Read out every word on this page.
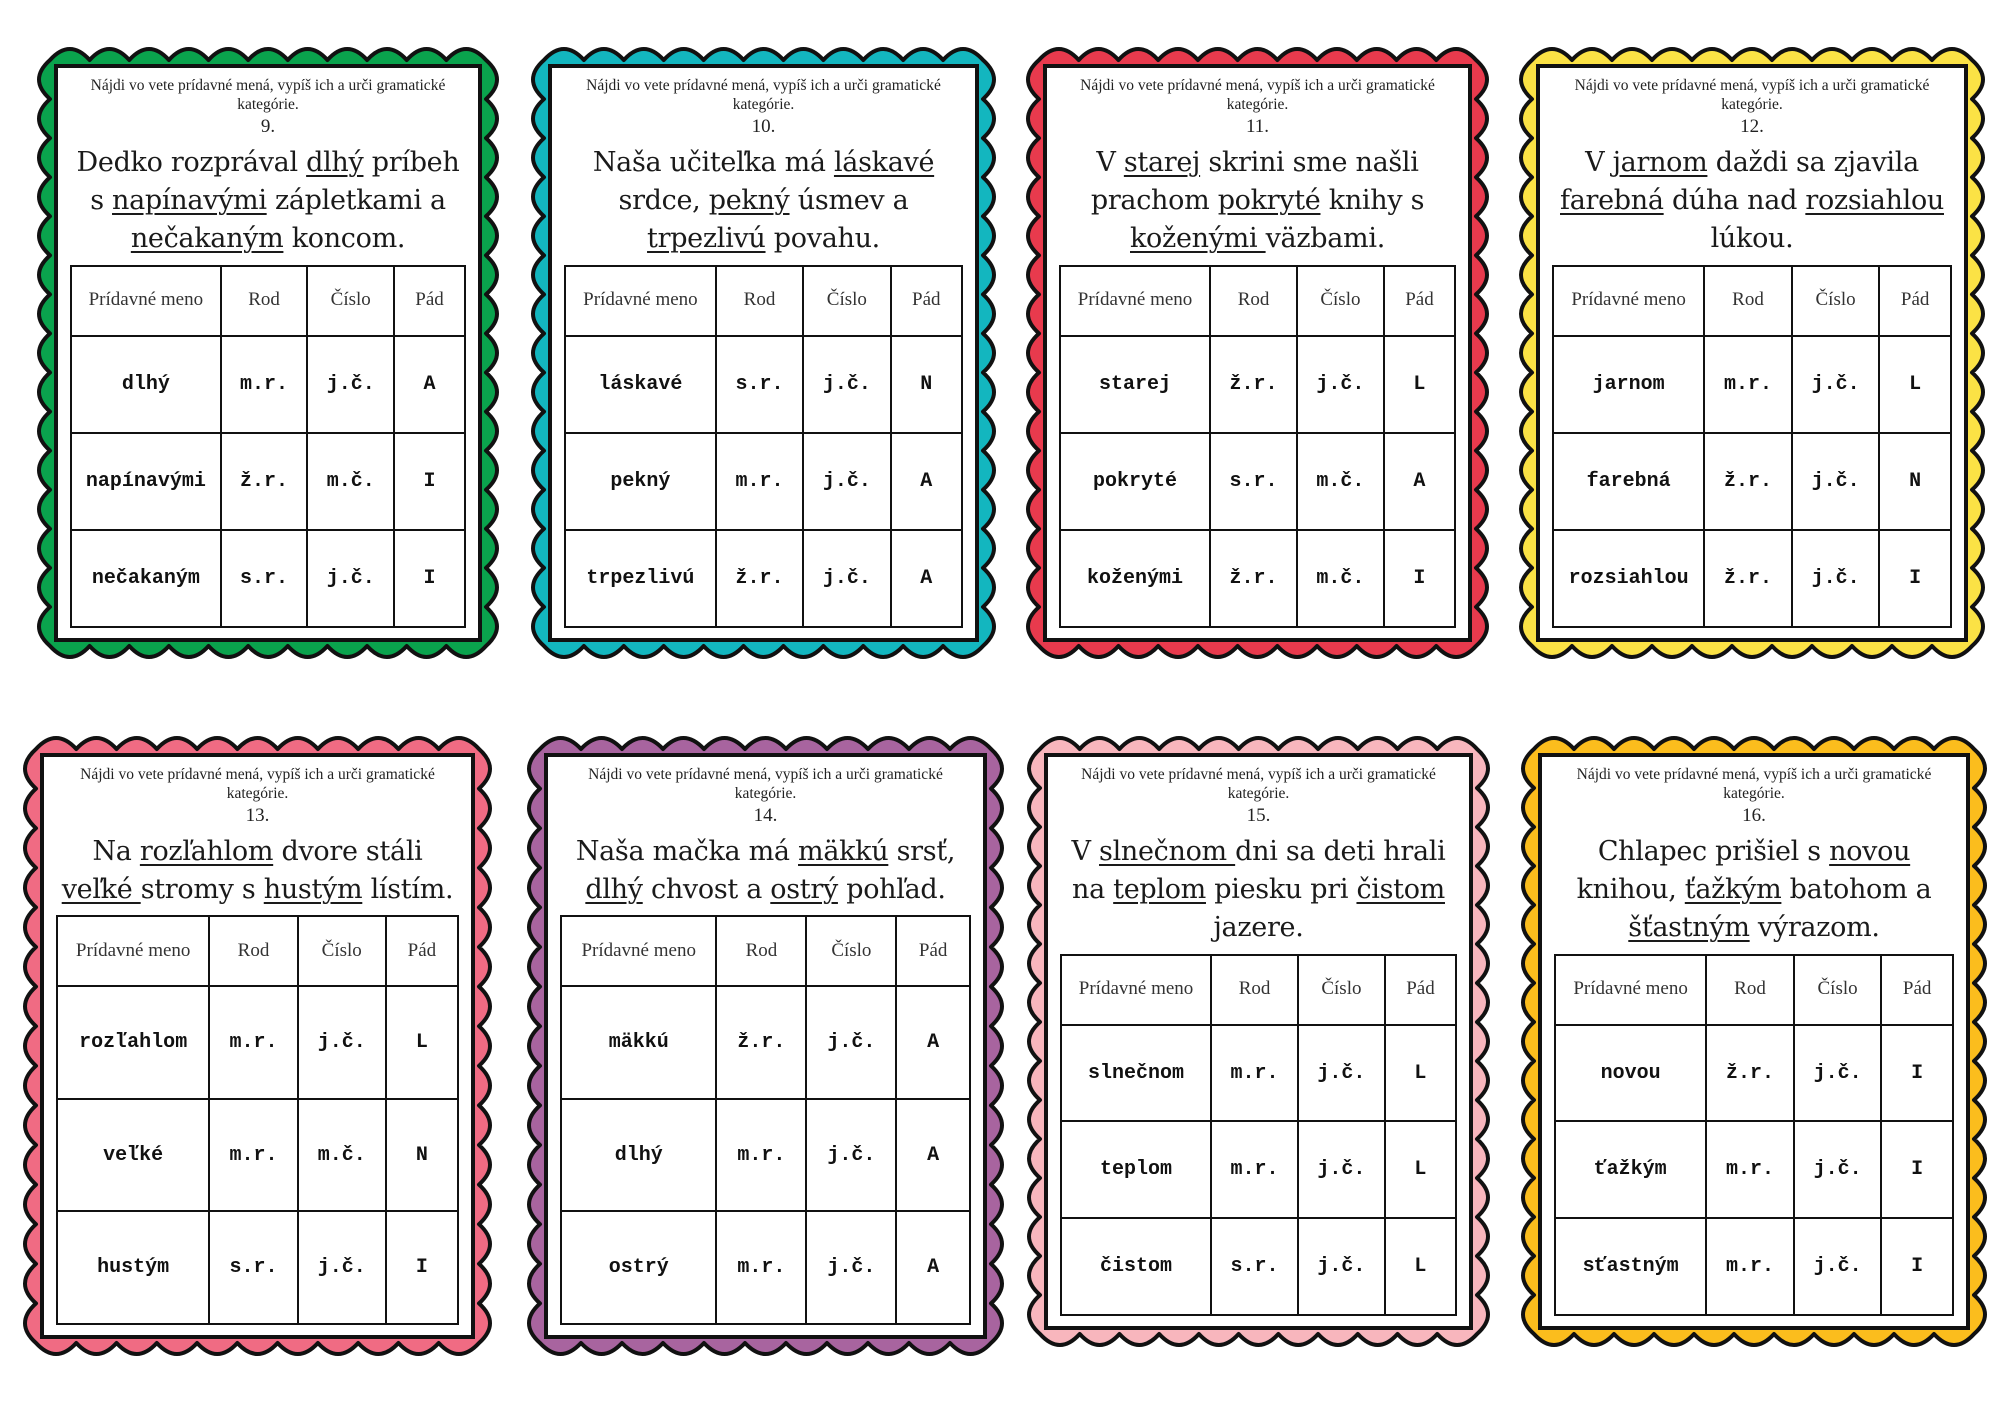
Nájdi vo vete prídavné mená, vypíš ich a urči gramatické kategórie.
9.
Dedko rozprával dlhý príbeh s napínavými zápletkami a nečakaným koncom.
Prídavné meno	Rod	Číslo	Pád
dlhý	m.r.	j.č.	A
napínavými	ž.r.	m.č.	I
nečakaným	s.r.	j.č.	I
Nájdi vo vete prídavné mená, vypíš ich a urči gramatické kategórie.
10.
Naša učiteľka má láskavé srdce, pekný úsmev a trpezlivú povahu.
Prídavné meno	Rod	Číslo	Pád
láskavé	s.r.	j.č.	N
pekný	m.r.	j.č.	A
trpezlivú	ž.r.	j.č.	A
Nájdi vo vete prídavné mená, vypíš ich a urči gramatické kategórie.
11.
V starej skrini sme našli prachom pokryté knihy s koženými väzbami.
Prídavné meno	Rod	Číslo	Pád
starej	ž.r.	j.č.	L
pokryté	s.r.	m.č.	A
koženými	ž.r.	m.č.	I
Nájdi vo vete prídavné mená, vypíš ich a urči gramatické kategórie.
12.
V jarnom daždi sa zjavila farebná dúha nad rozsiahlou lúkou.
Prídavné meno	Rod	Číslo	Pád
jarnom	m.r.	j.č.	L
farebná	ž.r.	j.č.	N
rozsiahlou	ž.r.	j.č.	I
Nájdi vo vete prídavné mená, vypíš ich a urči gramatické kategórie.
13.
Na rozľahlom dvore stáli veľké stromy s hustým lístím.
Prídavné meno	Rod	Číslo	Pád
rozľahlom	m.r.	j.č.	L
veľké	m.r.	m.č.	N
hustým	s.r.	j.č.	I
Nájdi vo vete prídavné mená, vypíš ich a urči gramatické kategórie.
14.
Naša mačka má mäkkú srsť, dlhý chvost a ostrý pohľad.
Prídavné meno	Rod	Číslo	Pád
mäkkú	ž.r.	j.č.	A
dlhý	m.r.	j.č.	A
ostrý	m.r.	j.č.	A
Nájdi vo vete prídavné mená, vypíš ich a urči gramatické kategórie.
15.
V slnečnom dni sa deti hrali na teplom piesku pri čistom jazere.
Prídavné meno	Rod	Číslo	Pád
slnečnom	m.r.	j.č.	L
teplom	m.r.	j.č.	L
čistom	s.r.	j.č.	L
Nájdi vo vete prídavné mená, vypíš ich a urči gramatické kategórie.
16.
Chlapec prišiel s novou knihou, ťažkým batohom a šťastným výrazom.
Prídavné meno	Rod	Číslo	Pád
novou	ž.r.	j.č.	I
ťažkým	m.r.	j.č.	I
sťastným	m.r.	j.č.	I
